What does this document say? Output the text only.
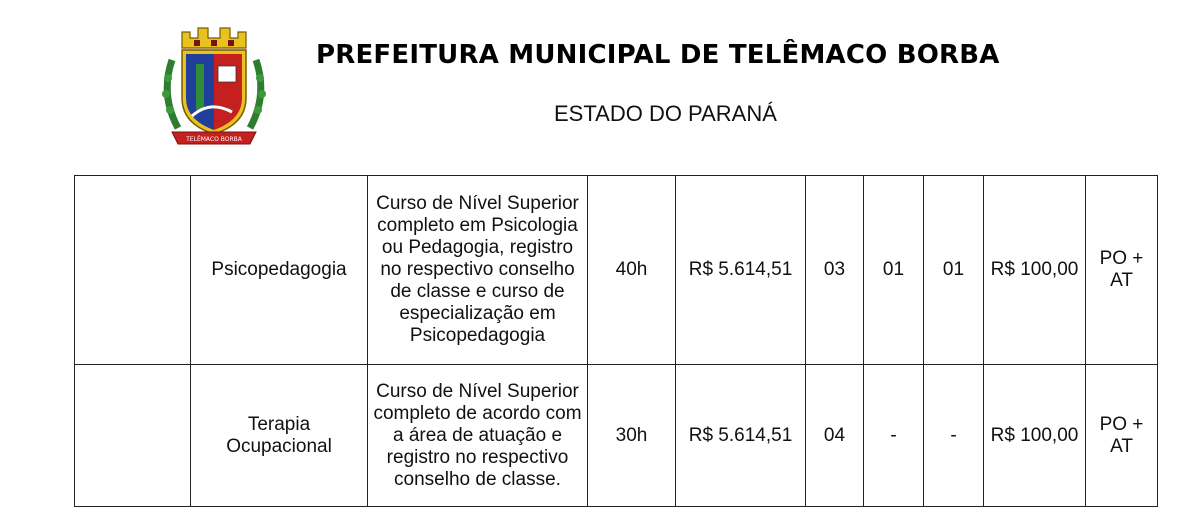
TELÊMACO BORBA
PREFEITURA MUNICIPAL DE TELÊMACO BORBA
ESTADO DO PARANÁ
	Psicopedagogia	Curso de Nível Superior completo em Psicologia ou Pedagogia, registro no respectivo conselho de classe e curso de especialização em Psicopedagogia	40h	R$ 5.614,51	03	01	01	R$ 100,00	PO + AT
	Terapia Ocupacional	Curso de Nível Superior completo de acordo com a área de atuação e registro no respectivo conselho de classe.	30h	R$ 5.614,51	04	-	-	R$ 100,00	PO + AT
